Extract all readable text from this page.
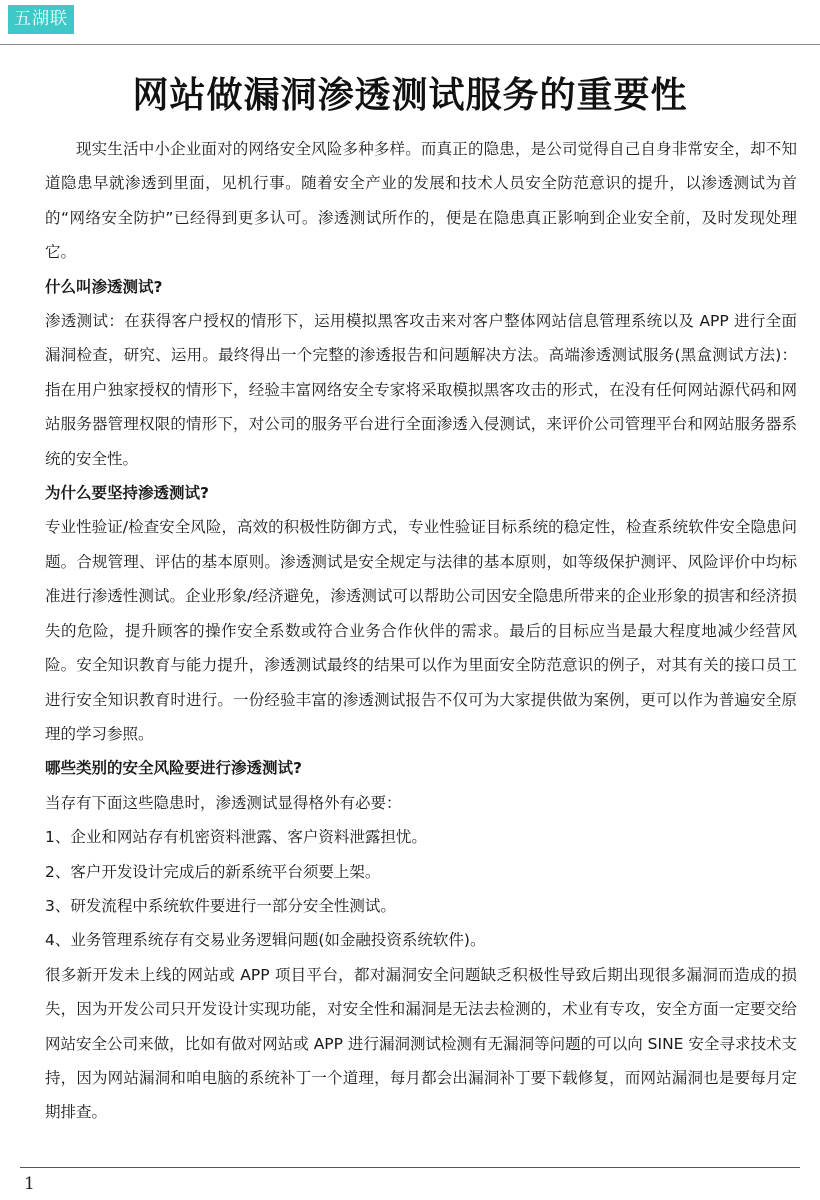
五湖联
网站做漏洞渗透测试服务的重要性

现实生活中小企业面对的网络安全风险多种多样。而真正的隐患，是公司觉得自己自身非常安全，却不知道隐患早就渗透到里面，见机行事。随着安全产业的发展和技术人员安全防范意识的提升，以渗透测试为首的“网络安全防护”已经得到更多认可。渗透测试所作的，便是在隐患真正影响到企业安全前，及时发现处理它。

什么叫渗透测试?

渗透测试：在获得客户授权的情形下，运用模拟黑客攻击来对客户整体网站信息管理系统以及 APP 进行全面漏洞检查，研究、运用。最终得出一个完整的渗透报告和问题解决方法。高端渗透测试服务(黑盒测试方法)：指在用户独家授权的情形下，经验丰富网络安全专家将采取模拟黑客攻击的形式，在没有任何网站源代码和网站服务器管理权限的情形下，对公司的服务平台进行全面渗透入侵测试，来评价公司管理平台和网站服务器系统的安全性。

为什么要坚持渗透测试?

专业性验证/检查安全风险，高效的积极性防御方式，专业性验证目标系统的稳定性，检查系统软件安全隐患问题。合规管理、评估的基本原则。渗透测试是安全规定与法律的基本原则，如等级保护测评、风险评价中均标准进行渗透性测试。企业形象/经济避免，渗透测试可以帮助公司因安全隐患所带来的企业形象的损害和经济损失的危险，提升顾客的操作安全系数或符合业务合作伙伴的需求。最后的目标应当是最大程度地减少经营风险。安全知识教育与能力提升，渗透测试最终的结果可以作为里面安全防范意识的例子，对其有关的接口员工进行安全知识教育时进行。一份经验丰富的渗透测试报告不仅可为大家提供做为案例，更可以作为普遍安全原理的学习参照。

哪些类别的安全风险要进行渗透测试?

当存有下面这些隐患时，渗透测试显得格外有必要：

1、企业和网站存有机密资料泄露、客户资料泄露担忧。

2、客户开发设计完成后的新系统平台须要上架。

3、研发流程中系统软件要进行一部分安全性测试。

4、业务管理系统存有交易业务逻辑问题(如金融投资系统软件)。

很多新开发未上线的网站或 APP 项目平台，都对漏洞安全问题缺乏积极性导致后期出现很多漏洞而造成的损失，因为开发公司只开发设计实现功能，对安全性和漏洞是无法去检测的，术业有专攻，安全方面一定要交给网站安全公司来做，比如有做对网站或 APP 进行漏洞测试检测有无漏洞等问题的可以向 SINE 安全寻求技术支持，因为网站漏洞和咱电脑的系统补丁一个道理，每月都会出漏洞补丁要下载修复，而网站漏洞也是要每月定期排查。

1
